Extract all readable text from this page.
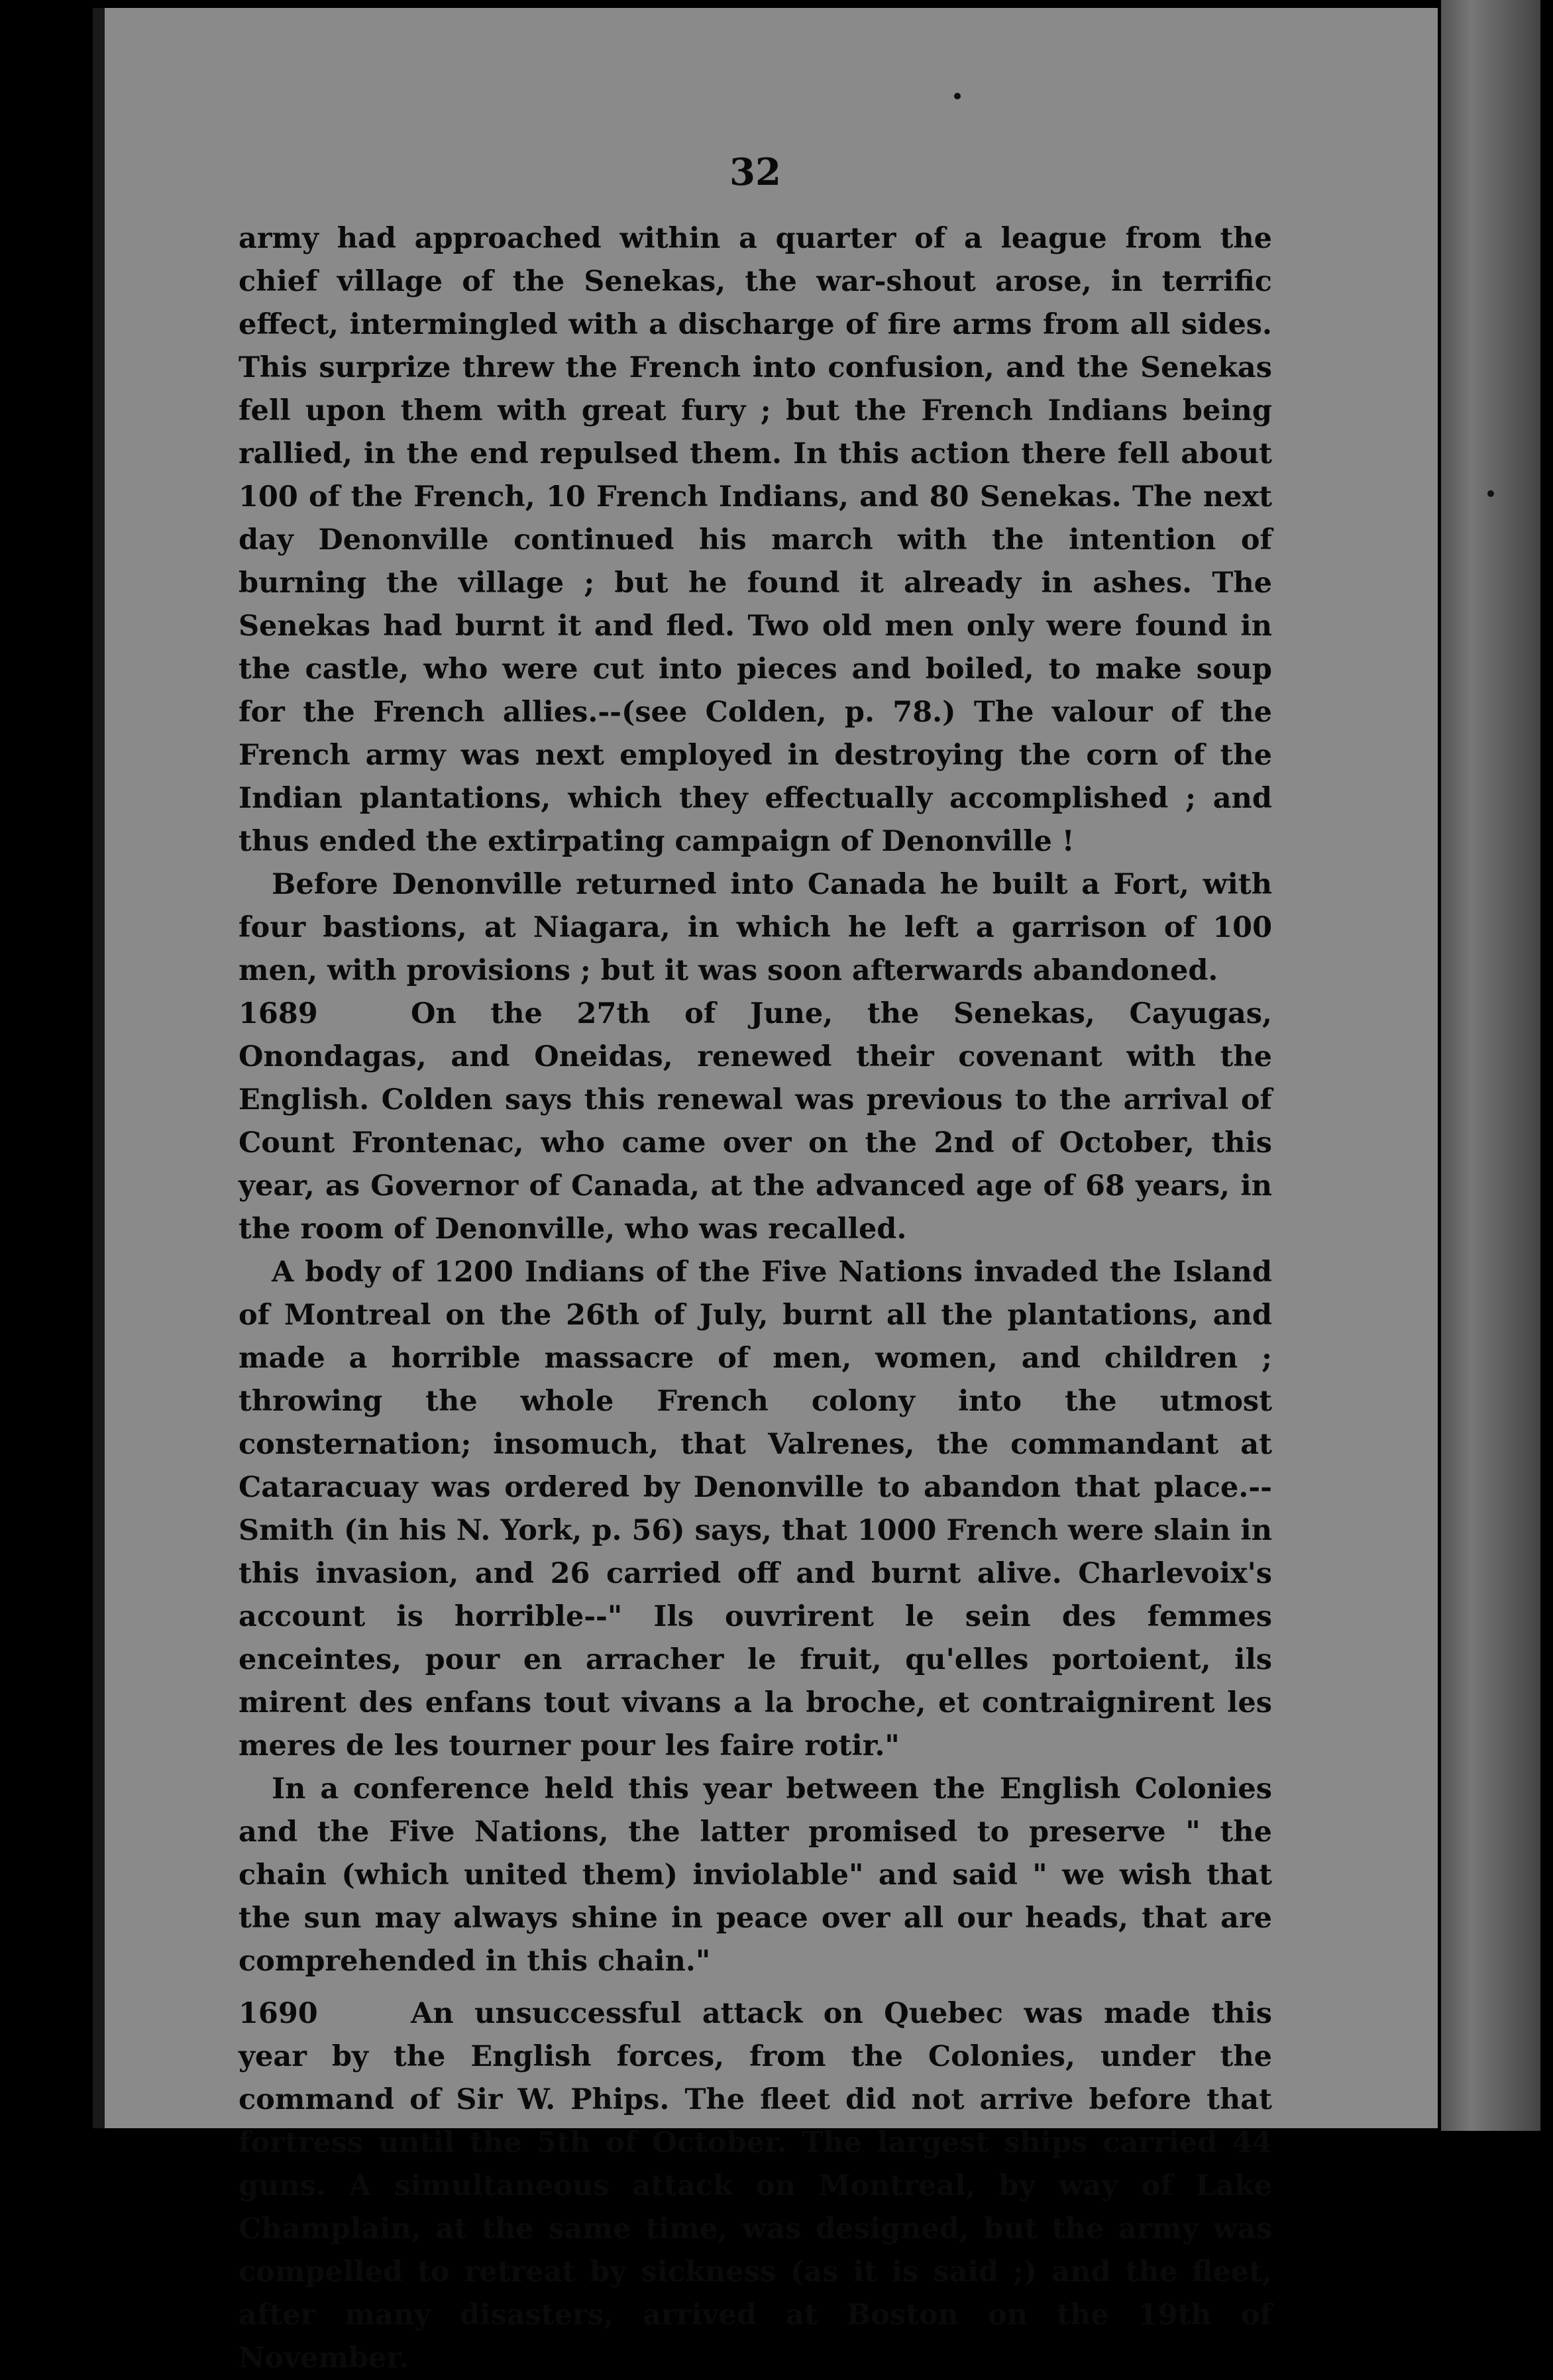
32

army had approached within a quarter of a league from the chief village of the Senekas, the war-shout arose, in terrific effect, intermingled with a discharge of fire arms from all sides. This surprize threw the French into confusion, and the Senekas fell upon them with great fury ; but the French Indians being rallied, in the end repulsed them. In this action there fell about 100 of the French, 10 French Indians, and 80 Senekas. The next day Denonville continued his march with the intention of burning the village ; but he found it already in ashes. The Senekas had burnt it and fled. Two old men only were found in the castle, who were cut into pieces and boiled, to make soup for the French allies.--(see Colden, p. 78.) The valour of the French army was next employed in destroying the corn of the Indian plantations, which they effectually accomplished ; and thus ended the extirpating campaign of Denonville !

Before Denonville returned into Canada he built a Fort, with four bastions, at Niagara, in which he left a garrison of 100 men, with provisions ; but it was soon afterwards abandoned.

1689	On the 27th of June, the Senekas, Cayugas, Onondagas, and Oneidas, renewed their covenant with the English. Colden says this renewal was previous to the arrival of Count Frontenac, who came over on the 2nd of October, this year, as Governor of Canada, at the advanced age of 68 years, in the room of Denonville, who was recalled.

A body of 1200 Indians of the Five Nations invaded the Island of Montreal on the 26th of July, burnt all the plantations, and made a horrible massacre of men, women, and children ; throwing the whole French colony into the utmost consternation; insomuch, that Valrenes, the commandant at Cataracuay was ordered by Denonville to abandon that place.--Smith (in his N. York, p. 56) says, that 1000 French were slain in this invasion, and 26 carried off and burnt alive. Charlevoix's account is horrible--" Ils ouvrirent le sein des femmes enceintes, pour en arracher le fruit, qu'elles portoient, ils mirent des enfans tout vivans a la broche, et contraignirent les meres de les tourner pour les faire rotir."

In a conference held this year between the English Colonies and the Five Nations, the latter promised to preserve " the chain (which united them) inviolable" and said " we wish that the sun may always shine in peace over all our heads, that are comprehended in this chain."

1690	An unsuccessful attack on Quebec was made this year by the English forces, from the Colonies, under the command of Sir W. Phips. The fleet did not arrive before that fortress until the 5th of October. The largest ships carried 44 guns. A simultaneous attack on Montreal, by way of Lake Champlain, at the same time, was designed, but the army was compelled to retreat by sickness (as it is said ;) and the fleet, after many disasters, arrived at Boston on the 19th of November.
